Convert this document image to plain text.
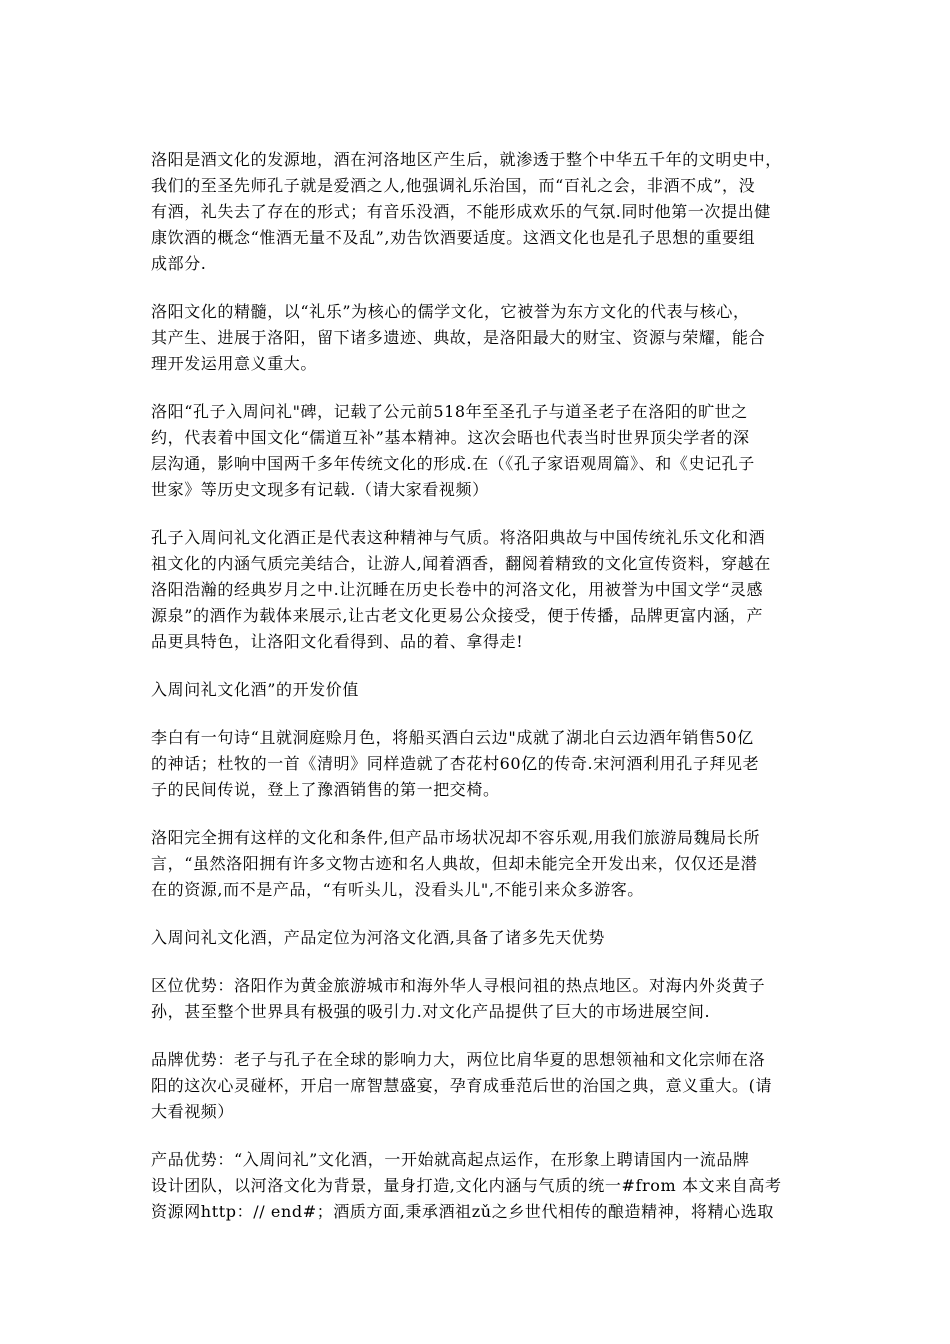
洛阳是酒文化的发源地，酒在河洛地区产生后，就渗透于整个中华五千年的文明史中，
我们的至圣先师孔子就是爱酒之人,他强调礼乐治国，而“百礼之会，非酒不成”，没
有酒，礼失去了存在的形式；有音乐没酒，不能形成欢乐的气氛.同时他第一次提出健
康饮酒的概念“惟酒无量不及乱”,劝告饮酒要适度。这酒文化也是孔子思想的重要组
成部分.
洛阳文化的精髓，以“礼乐”为核心的儒学文化，它被誉为东方文化的代表与核心，
其产生、进展于洛阳，留下诸多遗迹、典故，是洛阳最大的财宝、资源与荣耀，能合
理开发运用意义重大。
洛阳“孔子入周问礼"碑，记载了公元前518年至圣孔子与道圣老子在洛阳的旷世之
约，代表着中国文化“儒道互补”基本精神。这次会晤也代表当时世界顶尖学者的深
层沟通，影响中国两千多年传统文化的形成.在（《孔子家语观周篇》、和《史记孔子
世家》等历史文现多有记载.（请大家看视频）
孔子入周问礼文化酒正是代表这种精神与气质。将洛阳典故与中国传统礼乐文化和酒
祖文化的内涵气质完美结合，让游人,闻着酒香，翻阅着精致的文化宣传资料，穿越在
洛阳浩瀚的经典岁月之中.让沉睡在历史长卷中的河洛文化，用被誉为中国文学“灵感
源泉”的酒作为载体来展示,让古老文化更易公众接受，便于传播，品牌更富内涵，产
品更具特色，让洛阳文化看得到、品的着、拿得走!
入周问礼文化酒”的开发价值
李白有一句诗“且就洞庭赊月色，将船买酒白云边"成就了湖北白云边酒年销售50亿
的神话；杜牧的一首《清明》同样造就了杏花村60亿的传奇.宋河酒利用孔子拜见老
子的民间传说，登上了豫酒销售的第一把交椅。
洛阳完全拥有这样的文化和条件,但产品市场状况却不容乐观,用我们旅游局魏局长所
言，“虽然洛阳拥有许多文物古迹和名人典故，但却未能完全开发出来，仅仅还是潜
在的资源,而不是产品，“有听头儿，没看头儿",不能引来众多游客。
入周问礼文化酒，产品定位为河洛文化酒,具备了诸多先天优势
区位优势：洛阳作为黄金旅游城市和海外华人寻根问祖的热点地区。对海内外炎黄子
孙，甚至整个世界具有极强的吸引力.对文化产品提供了巨大的市场进展空间.
品牌优势：老子与孔子在全球的影响力大，两位比肩华夏的思想领袖和文化宗师在洛
阳的这次心灵碰杯，开启一席智慧盛宴，孕育成垂范后世的治国之典，意义重大。(请
大看视频）
产品优势：“入周问礼”文化酒，一开始就高起点运作，在形象上聘请国内一流品牌
设计团队，以河洛文化为背景，量身打造,文化内涵与气质的统一#from 本文来自高考
资源网http：// end#；酒质方面,秉承酒祖zǔ之乡世代相传的酿造精神，将精心选取
